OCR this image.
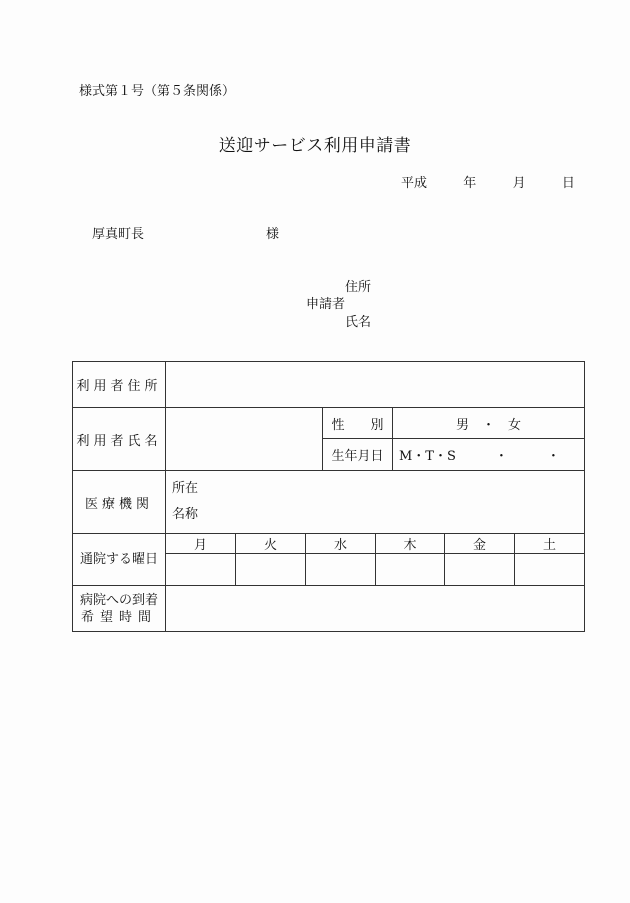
様式第１号（第５条関係）
送迎サービス利用申請書
平成	年	月	日
厚真町長	様
住所
申請者
氏名
利用者住所								
利用者氏名				性　　別		男　・　女		
				生年月日		M・T・S　　　・　　　・		
医療機関	所在
名称							

通院する曜日	月	火	水		木		金	土

病院への到着
希望時間								
